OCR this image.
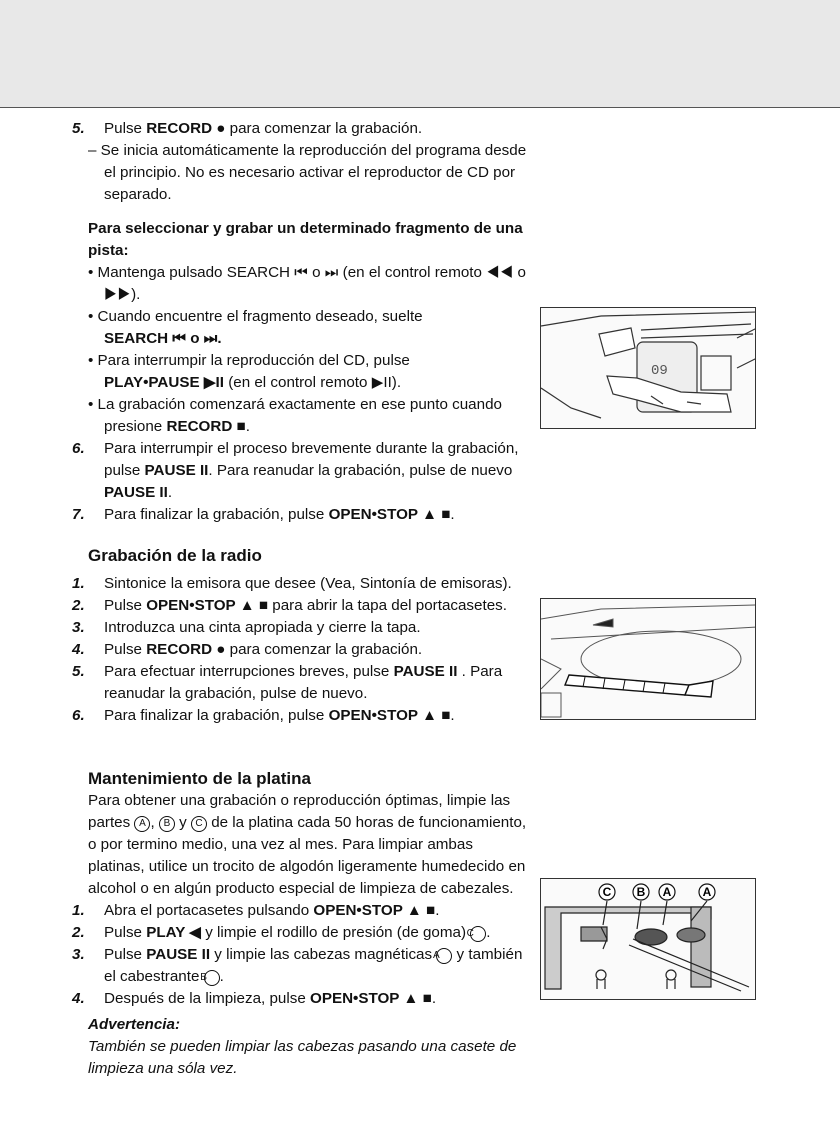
5. Pulse RECORD ● para comenzar la grabación.

– Se inicia automáticamente la reproducción del programa desde el principio. No es necesario activar el reproductor de CD por separado.

Para seleccionar y grabar un determinado fragmento de una pista:

• Mantenga pulsado SEARCH ⏮ o ⏭ (en el control remoto ◀◀ o ▶▶).

• Cuando encuentre el fragmento deseado, suelte
SEARCH ⏮ o ⏭.

• Para interrumpir la reproducción del CD, pulse
PLAY•PAUSE ▶II (en el control remoto ▶II).

• La grabación comenzará exactamente en ese punto cuando presione RECORD ■.

6. Para interrumpir el proceso brevemente durante la grabación, pulse PAUSE II. Para reanudar la grabación, pulse de nuevo PAUSE II.

7. Para finalizar la grabación, pulse OPEN•STOP ▲ ■.

Grabación de la radio

1. Sintonice la emisora que desee (Vea, Sintonía de emisoras).

2. Pulse OPEN•STOP ▲ ■ para abrir la tapa del portacasetes.

3. Introduzca una cinta apropiada y cierre la tapa.

4. Pulse RECORD ● para comenzar la grabación.

5. Para efectuar interrupciones breves, pulse PAUSE II . Para reanudar la grabación, pulse de nuevo.

6. Para finalizar la grabación, pulse OPEN•STOP ▲ ■.

Mantenimiento de la platina

Para obtener una grabación o reproducción óptimas, limpie las partes A , B y C de la platina cada 50 horas de funcionamiento, o por termino medio, una vez al mes. Para limpiar ambas platinas, utilice un trocito de algodón ligeramente humedecido en alcohol o en algún producto especial de limpieza de cabezales.

1. Abra el portacasetes pulsando OPEN•STOP ▲ ■.

2. Pulse PLAY ◀ y limpie el rodillo de presión (de goma) C .

3. Pulse PAUSE II y limpie las cabezas magnéticas A y también el cabestrante B .

4. Después de la limpieza, pulse OPEN•STOP ▲ ■.

Advertencia:

También se pueden limpiar las cabezas pasando una casete de limpieza una sóla vez.

09
C B A	A
